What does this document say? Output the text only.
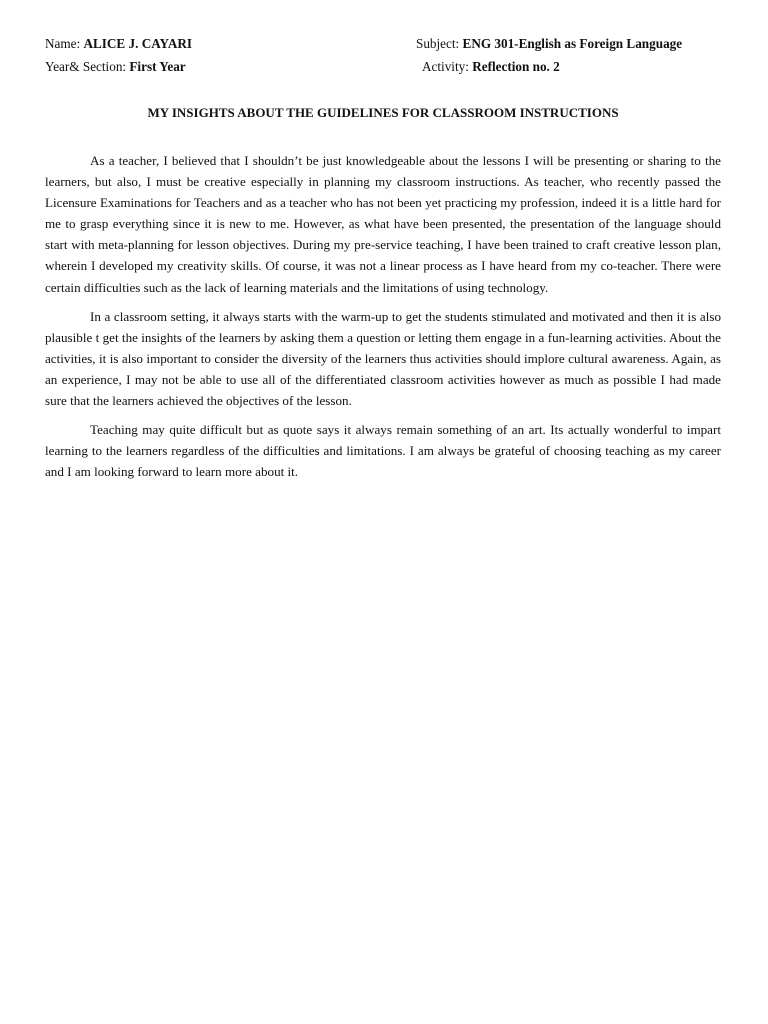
Name: ALICE J. CAYARI	Subject: ENG 301-English as Foreign Language
Year& Section: First Year	Activity: Reflection no. 2
MY INSIGHTS ABOUT THE GUIDELINES FOR CLASSROOM INSTRUCTIONS

As a teacher, I believed that I shouldn’t be just knowledgeable about the lessons I will be presenting or sharing to the learners, but also, I must be creative especially in planning my classroom instructions. As teacher, who recently passed the Licensure Examinations for Teachers and as a teacher who has not been yet practicing my profession, indeed it is a little hard for me to grasp everything since it is new to me. However, as what have been presented, the presentation of the language should start with meta-planning for lesson objectives. During my pre-service teaching, I have been trained to craft creative lesson plan, wherein I developed my creativity skills. Of course, it was not a linear process as I have heard from my co-teacher. There were certain difficulties such as the lack of learning materials and the limitations of using technology.

In a classroom setting, it always starts with the warm-up to get the students stimulated and motivated and then it is also plausible t get the insights of the learners by asking them a question or letting them engage in a fun-learning activities. About the activities, it is also important to consider the diversity of the learners thus activities should implore cultural awareness. Again, as an experience, I may not be able to use all of the differentiated classroom activities however as much as possible I had made sure that the learners achieved the objectives of the lesson.

Teaching may quite difficult but as quote says it always remain something of an art. Its actually wonderful to impart learning to the learners regardless of the difficulties and limitations. I am always be grateful of choosing teaching as my career and I am looking forward to learn more about it.
